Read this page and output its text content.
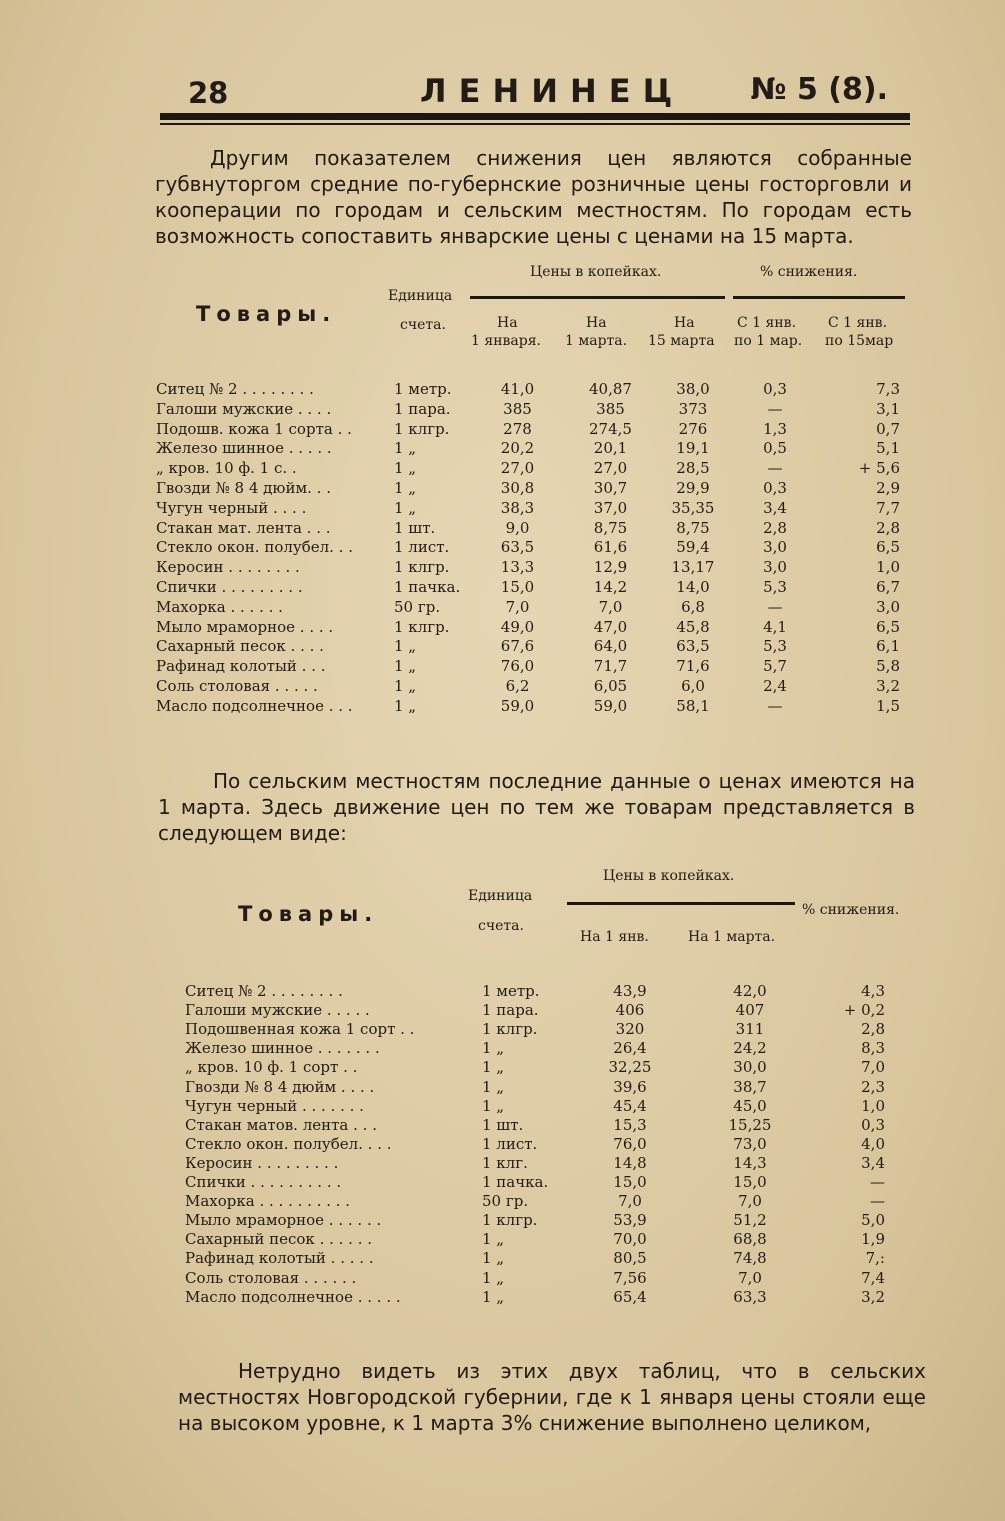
28	ЛЕНИНЕЦ № 5 (8).
Другим показателем снижения цен являются собранные губвнуторгом средние по-губернские розничные цены госторговли и кооперации по городам и сельским местностям. По городам есть возможность сопоставить январские цены с ценами на 15 марта.
Товары.
Единица
счета.
Цены в копейках.	% снижения.
На
1 января.
На
1 марта.
На
15 марта
С 1 янв.
по 1 мар.
С 1 янв.
по 15мар
Ситец № 2 . . . . . . . .	1 метр.	41,0	40,87	38,0	0,3	7,3
Галоши мужские . . . .	1 пара.	385	385	373	—	3,1
Подошв. кожа 1 сорта . .	1 клгр.	278	274,5	276	1,3	0,7
Железо шинное . . . . .	1 „	20,2	20,1	19,1	0,5	5,1
„ кров. 10 ф. 1 с. .	1 „	27,0	27,0	28,5	—	+ 5,6
Гвозди № 8 4 дюйм. . .	1 „	30,8	30,7	29,9	0,3	2,9
Чугун черный . . . .	1 „	38,3	37,0	35,35	3,4	7,7
Стакан мат. лента . . .	1 шт.	9,0	8,75	8,75	2,8	2,8
Стекло окон. полубел. . .	1 лист.	63,5	61,6	59,4	3,0	6,5
Керосин . . . . . . . .	1 клгр.	13,3	12,9	13,17	3,0	1,0
Спички . . . . . . . . .	1 пачка.	15,0	14,2	14,0	5,3	6,7
Махорка . . . . . .	50 гр.	7,0	7,0	6,8	—	3,0
Мыло мраморное . . . .	1 клгр.	49,0	47,0	45,8	4,1	6,5
Сахарный песок . . . .	1 „	67,6	64,0	63,5	5,3	6,1
Рафинад колотый . . .	1 „	76,0	71,7	71,6	5,7	5,8
Соль столовая . . . . .	1 „	6,2	6,05	6,0	2,4	3,2
Масло подсолнечное . . .	1 „	59,0	59,0	58,1	—	1,5
По сельским местностям последние данные о ценах имеются на 1 марта. Здесь движение цен по тем же товарам представляется в следующем виде:
Товары.
Единица
счета.
Цены в копейках.
На 1 янв.	На 1 марта.
% снижения.
Ситец № 2 . . . . . . . .	1 метр.	43,9	42,0	4,3
Галоши мужские . . . . .	1 пара.	406	407	+ 0,2
Подошвенная кожа 1 сорт . .	1 клгр.	320	311	2,8
Железо шинное . . . . . . .	1 „	26,4	24,2	8,3
„ кров. 10 ф. 1 сорт . .	1 „	32,25	30,0	7,0
Гвозди № 8 4 дюйм . . . .	1 „	39,6	38,7	2,3
Чугун черный . . . . . . .	1 „	45,4	45,0	1,0
Стакан матов. лента . . .	1 шт.	15,3	15,25	0,3
Стекло окон. полубел. . . .	1 лист.	76,0	73,0	4,0
Керосин . . . . . . . . .	1 клг.	14,8	14,3	3,4
Спички . . . . . . . . . .	1 пачка.	15,0	15,0	—
Махорка . . . . . . . . . .	50 гр.	7,0	7,0	—
Мыло мраморное . . . . . .	1 клгр.	53,9	51,2	5,0
Сахарный песок . . . . . .	1 „	70,0	68,8	1,9
Рафинад колотый . . . . .	1 „	80,5	74,8	7,:
Соль столовая . . . . . .	1 „	7,56	7,0	7,4
Масло подсолнечное . . . . .	1 „	65,4	63,3	3,2
Нетрудно видеть из этих двух таблиц, что в сельских местностях Новгородской губернии, где к 1 января цены стояли еще на высоком уровне, к 1 марта 3% снижение выполнено целиком,
